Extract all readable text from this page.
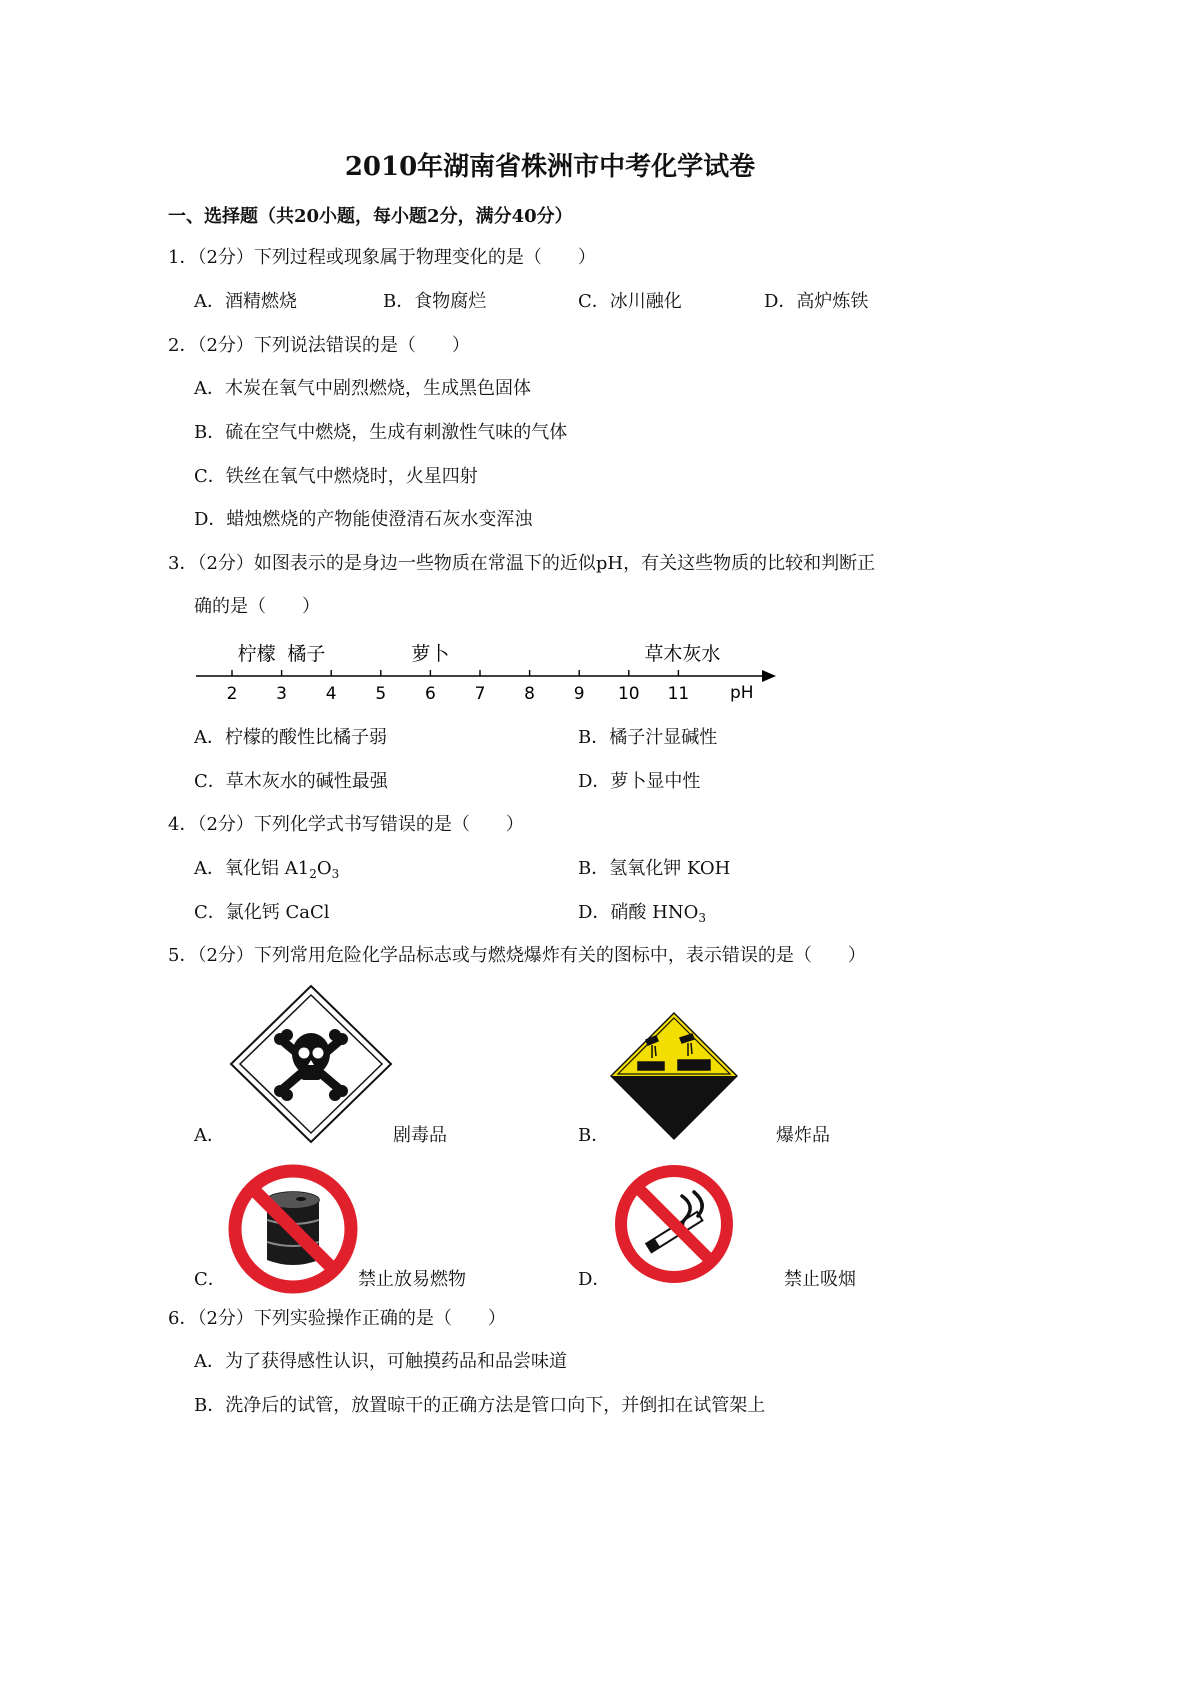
2010年湖南省株洲市中考化学试卷
一、选择题（共20小题，每小题2分，满分40分）
1．（2分）下列过程或现象属于物理变化的是（　　）
A．酒精燃烧	B．食物腐烂	C．冰川融化	D．高炉炼铁
2．（2分）下列说法错误的是（　　）
A．木炭在氧气中剧烈燃烧，生成黑色固体
B．硫在空气中燃烧，生成有刺激性气味的气体
C．铁丝在氧气中燃烧时，火星四射
D．蜡烛燃烧的产物能使澄清石灰水变浑浊
3．（2分）如图表示的是身边一些物质在常温下的近似pH，有关这些物质的比较和判断正
确的是（　　）
2 3 4 5 6 7 8 9 10 11
柠檬 橘子	萝卜	草木灰水
pH
A．柠檬的酸性比橘子弱	B．橘子汁显碱性
C．草木灰水的碱性最强	D．萝卜显中性
4．（2分）下列化学式书写错误的是（　　）
A．氧化铝 $A1_2O_3$	B．氢氧化钾 KOH
C．氯化钙 CaCl	D．硝酸 $HNO_3$
5．（2分）下列常用危险化学品标志或与燃烧爆炸有关的图标中，表示错误的是（　　）
A．	剧毒品	B．	爆炸品
C．	禁止放易燃物	D．	禁止吸烟
6．（2分）下列实验操作正确的是（　　）
A．为了获得感性认识，可触摸药品和品尝味道
B．洗净后的试管，放置晾干的正确方法是管口向下，并倒扣在试管架上
